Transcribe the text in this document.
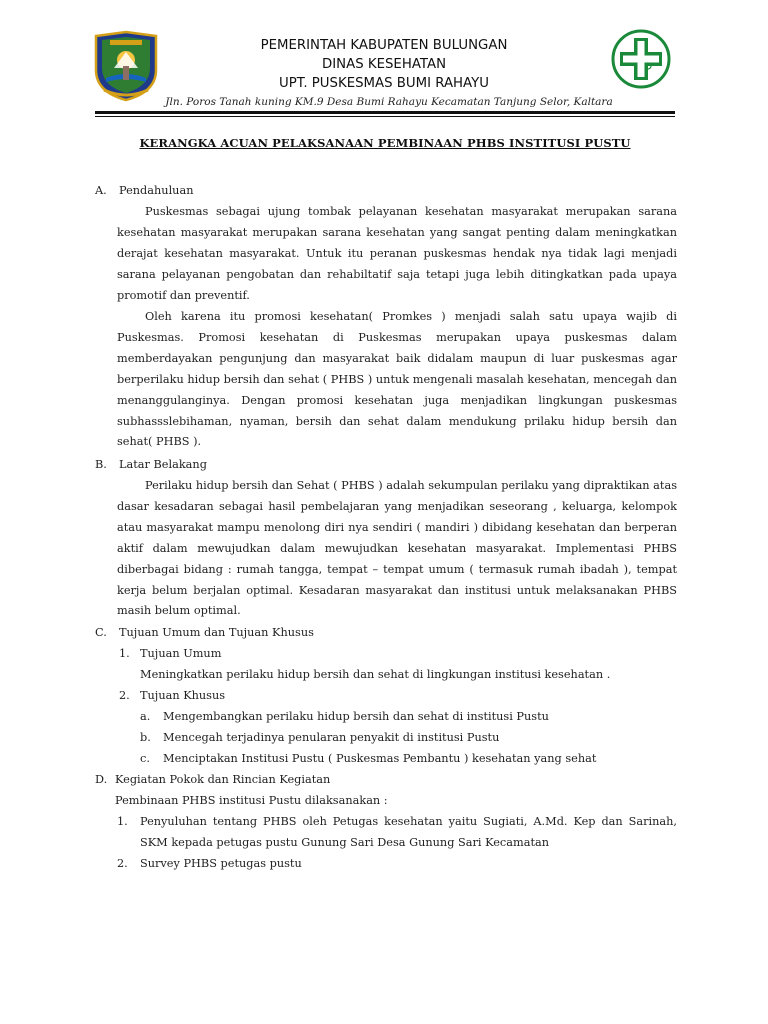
PEMERINTAH KABUPATEN BULUNGAN
DINAS KESEHATAN
UPT. PUSKESMAS BUMI RAHAYU
Jln. Poros Tanah kuning KM.9 Desa Bumi Rahayu Kecamatan Tanjung Selor, Kaltara
KERANGKA ACUAN PELAKSANAAN PEMBINAAN PHBS INSTITUSI PUSTU
A. Pendahuluan

Puskesmas sebagai ujung tombak pelayanan kesehatan masyarakat merupakan sarana kesehatan masyarakat merupakan sarana kesehatan yang sangat penting dalam meningkatkan derajat kesehatan masyarakat. Untuk itu peranan puskesmas hendak nya tidak lagi menjadi sarana pelayanan pengobatan dan rehabiltatif saja tetapi juga lebih ditingkatkan pada upaya promotif dan preventif.

Oleh karena itu promosi kesehatan( Promkes ) menjadi salah satu upaya wajib di Puskesmas. Promosi kesehatan di Puskesmas merupakan upaya puskesmas dalam memberdayakan pengunjung dan masyarakat baik didalam maupun di luar puskesmas agar berperilaku hidup bersih dan sehat ( PHBS ) untuk mengenali masalah kesehatan, mencegah dan menanggulanginya. Dengan promosi kesehatan juga menjadikan lingkungan puskesmas subhassslebihaman, nyaman, bersih dan sehat dalam mendukung prilaku hidup bersih dan sehat( PHBS ).

B. Latar Belakang

Perilaku hidup bersih dan Sehat ( PHBS ) adalah sekumpulan perilaku yang dipraktikan atas dasar kesadaran sebagai hasil pembelajaran yang menjadikan seseorang , keluarga, kelompok atau masyarakat mampu menolong diri nya sendiri ( mandiri ) dibidang kesehatan dan berperan aktif dalam mewujudkan dalam mewujudkan kesehatan masyarakat. Implementasi PHBS diberbagai bidang : rumah tangga, tempat – tempat umum ( termasuk rumah ibadah ), tempat kerja belum berjalan optimal. Kesadaran masyarakat dan institusi untuk melaksanakan PHBS masih belum optimal.

C. Tujuan Umum dan Tujuan Khusus
1. Tujuan Umum
Meningkatkan perilaku hidup bersih dan sehat di lingkungan institusi kesehatan .
2. Tujuan Khusus
a. Mengembangkan perilaku hidup bersih dan sehat di institusi Pustu
b. Mencegah terjadinya penularan penyakit di institusi Pustu
c. Menciptakan Institusi Pustu ( Puskesmas Pembantu ) kesehatan yang sehat
D. Kegiatan Pokok dan Rincian Kegiatan
Pembinaan PHBS institusi Pustu dilaksanakan :
1. Penyuluhan tentang PHBS oleh Petugas kesehatan yaitu Sugiati, A.Md. Kep dan Sarinah, SKM kepada petugas pustu Gunung Sari Desa Gunung Sari Kecamatan

2. Survey PHBS petugas pustu
